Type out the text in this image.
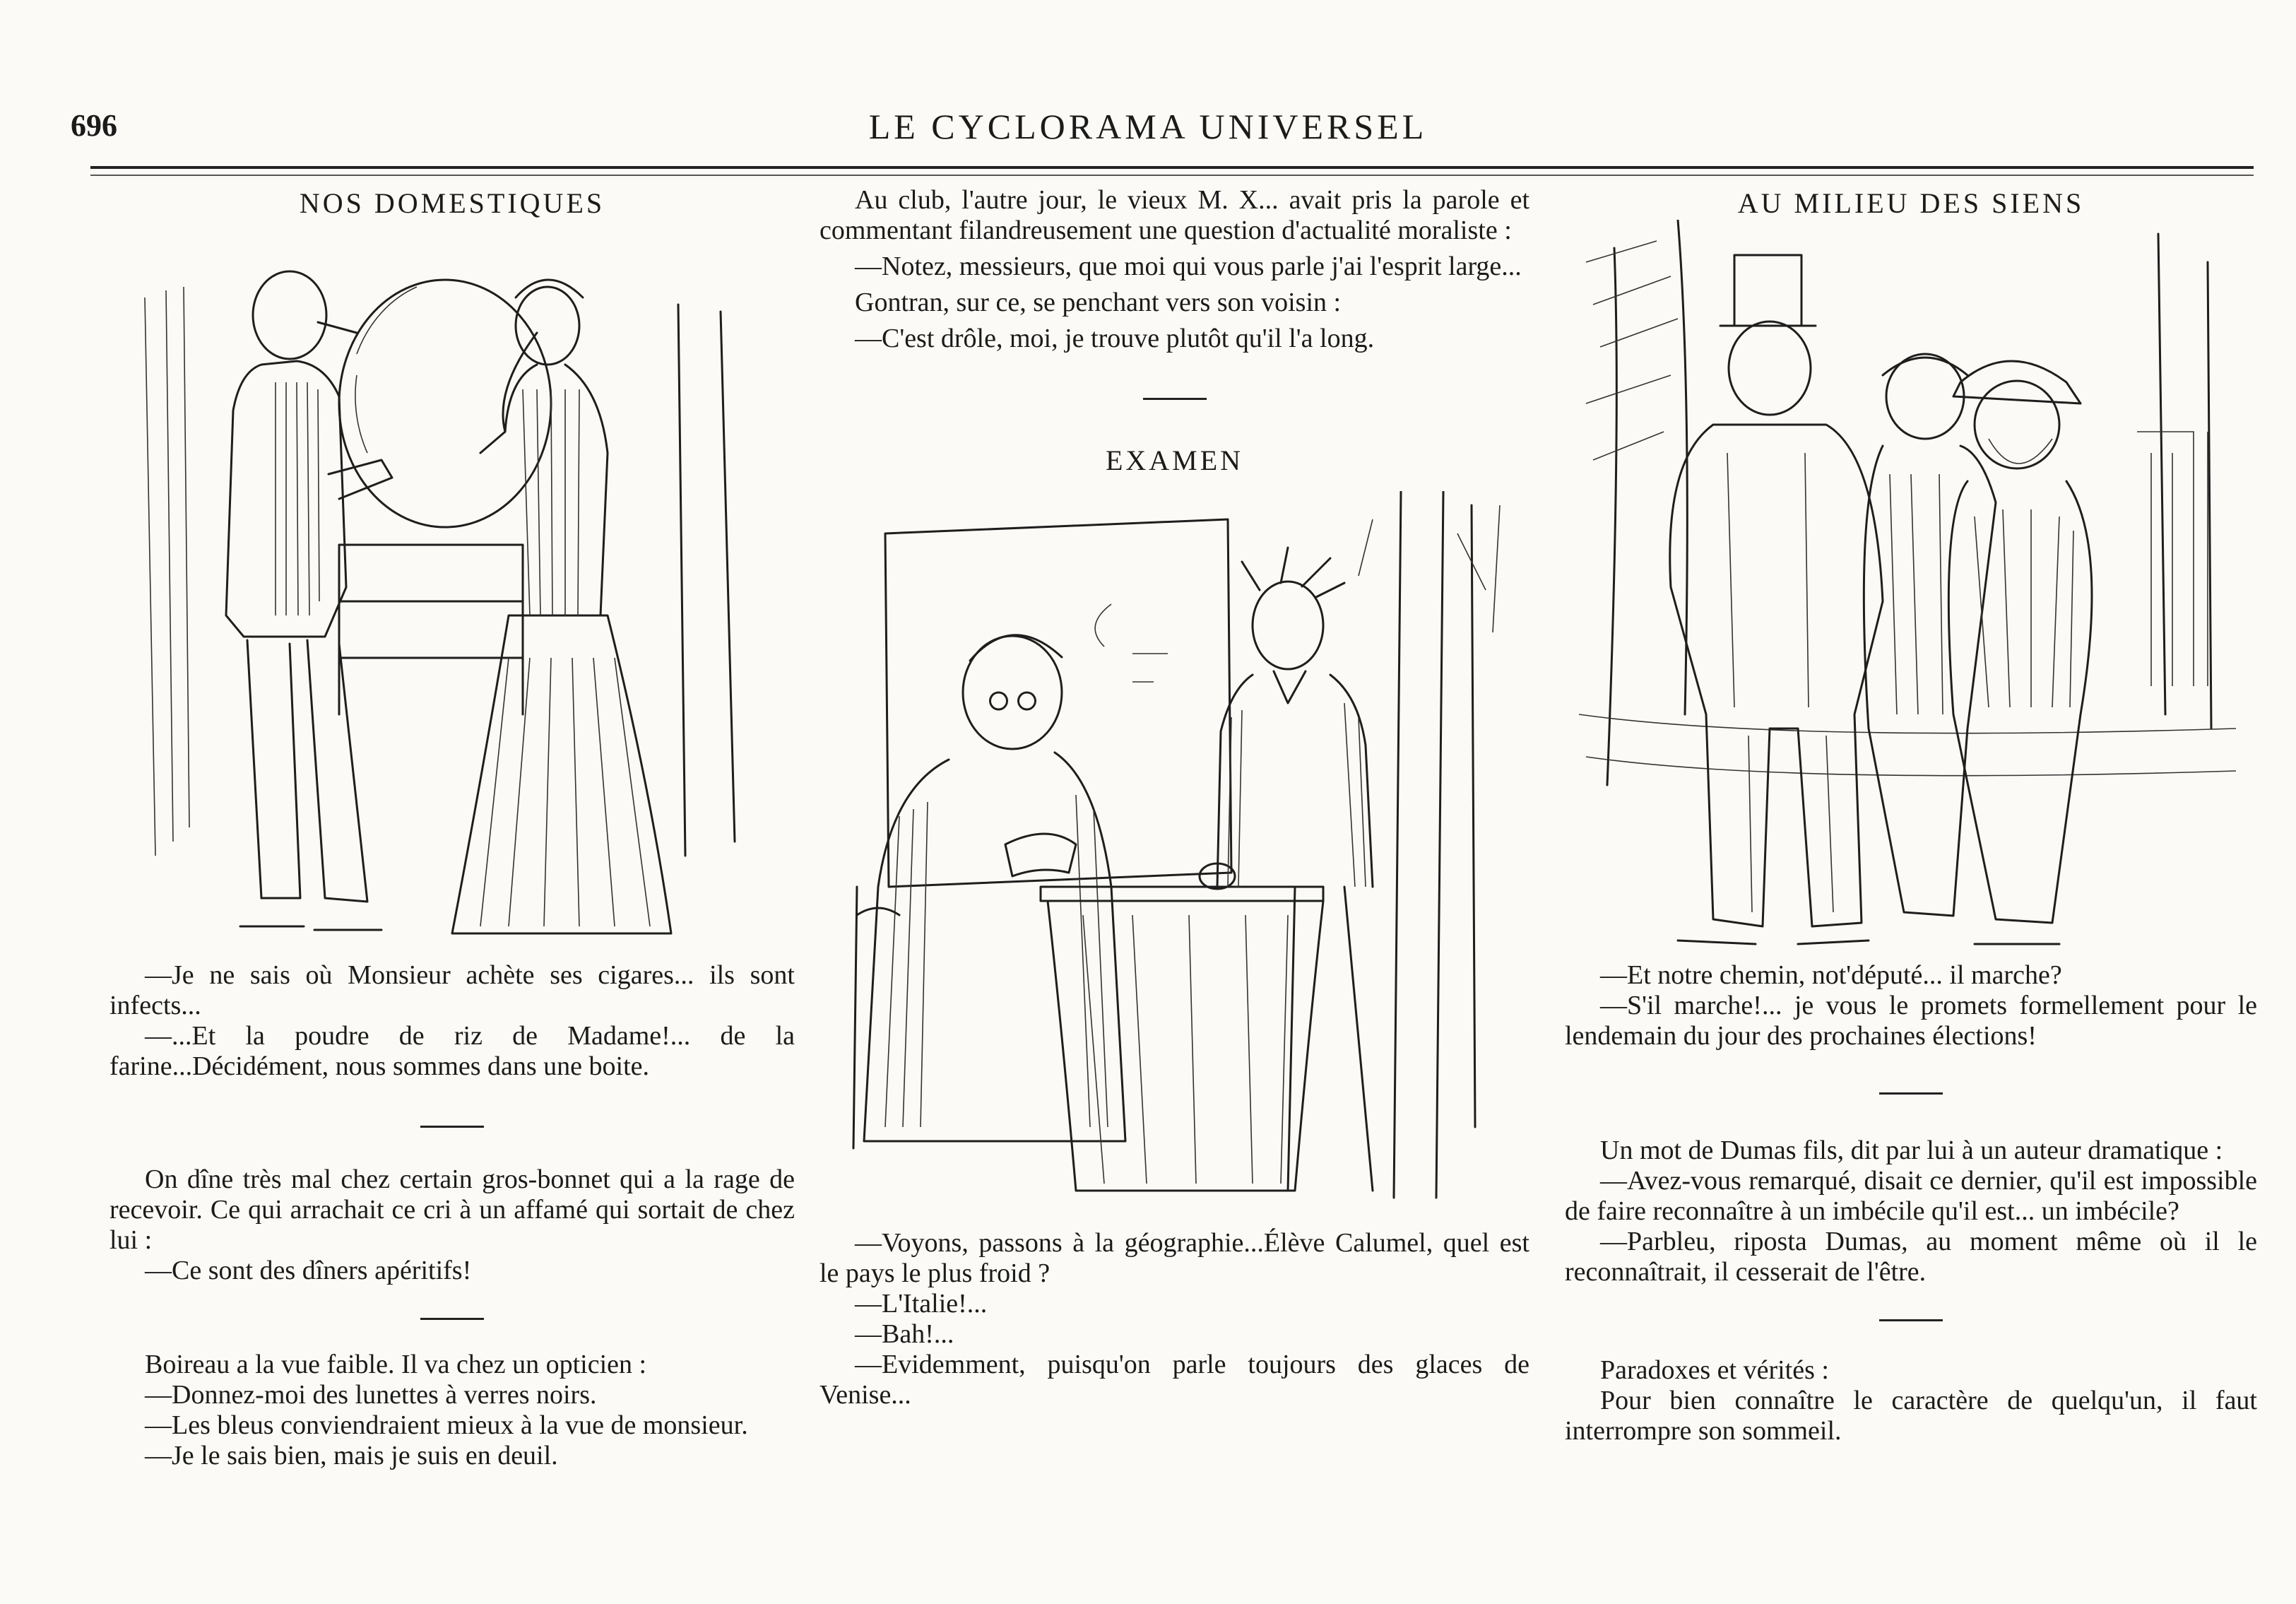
696	LE CYCLORAMA UNIVERSEL
NOS DOMESTIQUES

—Je ne sais où Monsieur achète ses cigares... ils sont infects...

—...Et la poudre de riz de Madame!... de la farine...Décidément, nous sommes dans une boite.

On dîne très mal chez certain gros-bonnet qui a la rage de recevoir. Ce qui arrachait ce cri à un affamé qui sortait de chez lui :

—Ce sont des dîners apéritifs!

Boireau a la vue faible. Il va chez un opticien :

—Donnez-moi des lunettes à verres noirs.

—Les bleus conviendraient mieux à la vue de monsieur.

—Je le sais bien, mais je suis en deuil.

Au club, l'autre jour, le vieux M. X... avait pris la parole et commentant filandreusement une question d'actualité moraliste :

—Notez, messieurs, que moi qui vous parle j'ai l'esprit large...

Gontran, sur ce, se penchant vers son voisin :

—C'est drôle, moi, je trouve plutôt qu'il l'a long.

EXAMEN

—Voyons, passons à la géographie...Élève Calumel, quel est le pays le plus froid ?

—L'Italie!...

—Bah!...

—Evidemment, puisqu'on parle toujours des glaces de Venise...

AU MILIEU DES SIENS

—Et notre chemin, not'député... il marche?

—S'il marche!... je vous le promets formellement pour le lendemain du jour des prochaines élections!

Un mot de Dumas fils, dit par lui à un auteur dramatique :

—Avez-vous remarqué, disait ce dernier, qu'il est impossible de faire reconnaître à un imbécile qu'il est... un imbécile?

—Parbleu, riposta Dumas, au moment même où il le reconnaîtrait, il cesserait de l'être.

Paradoxes et vérités :

Pour bien connaître le caractère de quelqu'un, il faut interrompre son sommeil.
